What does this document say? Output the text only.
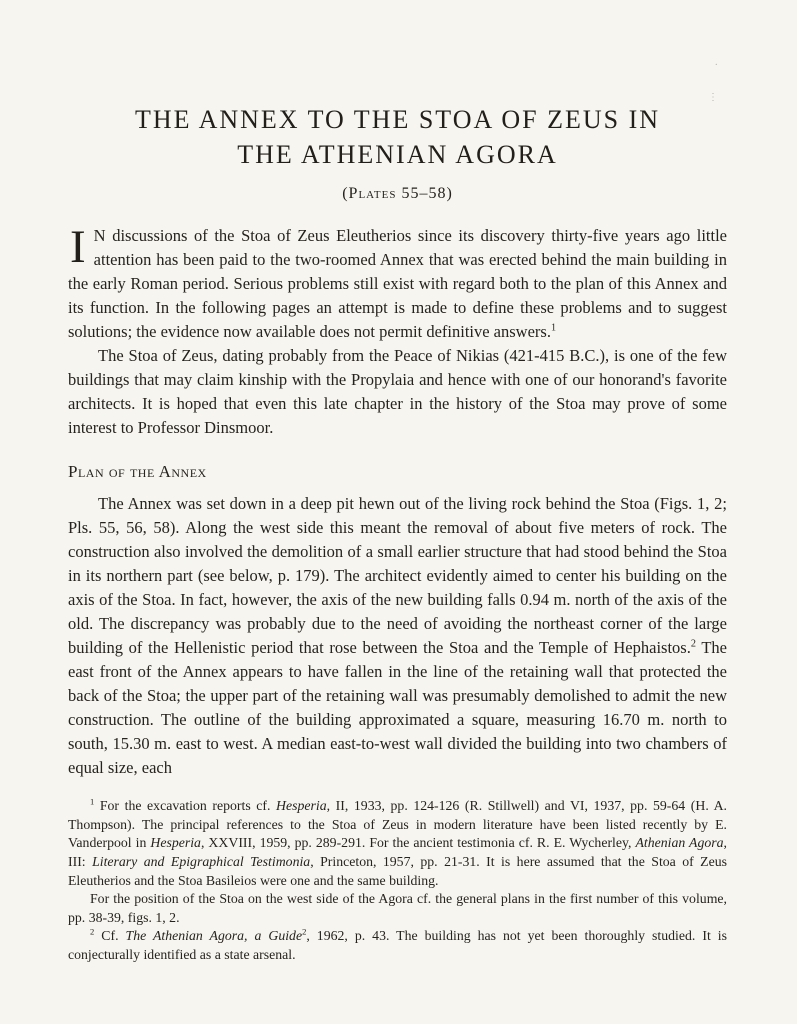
·
⋮
THE ANNEX TO THE STOA OF ZEUS IN
THE ATHENIAN AGORA
(Plates 55–58)

I N discussions of the Stoa of Zeus Eleutherios since its discovery thirty-five years ago little attention has been paid to the two-roomed Annex that was erected behind the main building in the early Roman period. Serious problems still exist with regard both to the plan of this Annex and its function. In the following pages an attempt is made to define these problems and to suggest solutions; the evidence now available does not permit definitive answers.$^1$

The Stoa of Zeus, dating probably from the Peace of Nikias (421-415 B.C.), is one of the few buildings that may claim kinship with the Propylaia and hence with one of our honorand's favorite architects. It is hoped that even this late chapter in the history of the Stoa may prove of some interest to Professor Dinsmoor.

Plan of the Annex

The Annex was set down in a deep pit hewn out of the living rock behind the Stoa (Figs. 1, 2; Pls. 55, 56, 58). Along the west side this meant the removal of about five meters of rock. The construction also involved the demolition of a small earlier structure that had stood behind the Stoa in its northern part (see below, p. 179). The architect evidently aimed to center his building on the axis of the Stoa. In fact, however, the axis of the new building falls 0.94 m. north of the axis of the old. The discrepancy was probably due to the need of avoiding the northeast corner of the large building of the Hellenistic period that rose between the Stoa and the Temple of Hephaistos.$^2$ The east front of the Annex appears to have fallen in the line of the retaining wall that protected the back of the Stoa; the upper part of the retaining wall was presumably demolished to admit the new construction. The outline of the building approximated a square, measuring 16.70 m. north to south, 15.30 m. east to west. A median east-to-west wall divided the building into two chambers of equal size, each

$^1$ For the excavation reports cf. Hesperia, II, 1933, pp. 124-126 (R. Stillwell) and VI, 1937, pp. 59-64 (H. A. Thompson). The principal references to the Stoa of Zeus in modern literature have been listed recently by E. Vanderpool in Hesperia, XXVIII, 1959, pp. 289-291. For the ancient testimonia cf. R. E. Wycherley, Athenian Agora, III: Literary and Epigraphical Testimonia, Princeton, 1957, pp. 21-31. It is here assumed that the Stoa of Zeus Eleutherios and the Stoa Basileios were one and the same building.

For the position of the Stoa on the west side of the Agora cf. the general plans in the first number of this volume, pp. 38-39, figs. 1, 2.

$^2$ Cf. The Athenian Agora, a Guide$^2$, 1962, p. 43. The building has not yet been thoroughly studied. It is conjecturally identified as a state arsenal.
